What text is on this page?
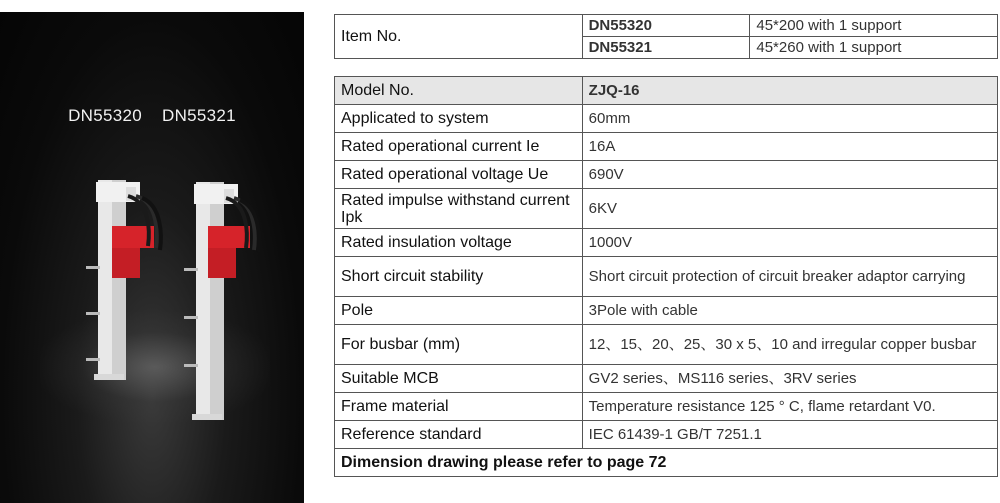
DN55320 DN55321
Item No.	DN55320	45*200 with 1 support
	DN55321	45*260 with 1 support
Model No.	ZJQ-16
Applicated to system	60mm
Rated operational current Ie	16A
Rated operational voltage Ue	690V
Rated impulse withstand current Ipk	6KV
Rated insulation voltage	1000V
Short circuit stability	Short circuit protection of circuit breaker adaptor carrying
Pole	3Pole with cable
For busbar (mm)	12、15、20、25、30 x 5、10 and irregular copper busbar
Suitable MCB	GV2 series、MS116 series、3RV series
Frame material	Temperature resistance 125 ° C, flame retardant V0.
Reference standard	IEC 61439-1 GB/T 7251.1
Dimension drawing please refer to page 72	
